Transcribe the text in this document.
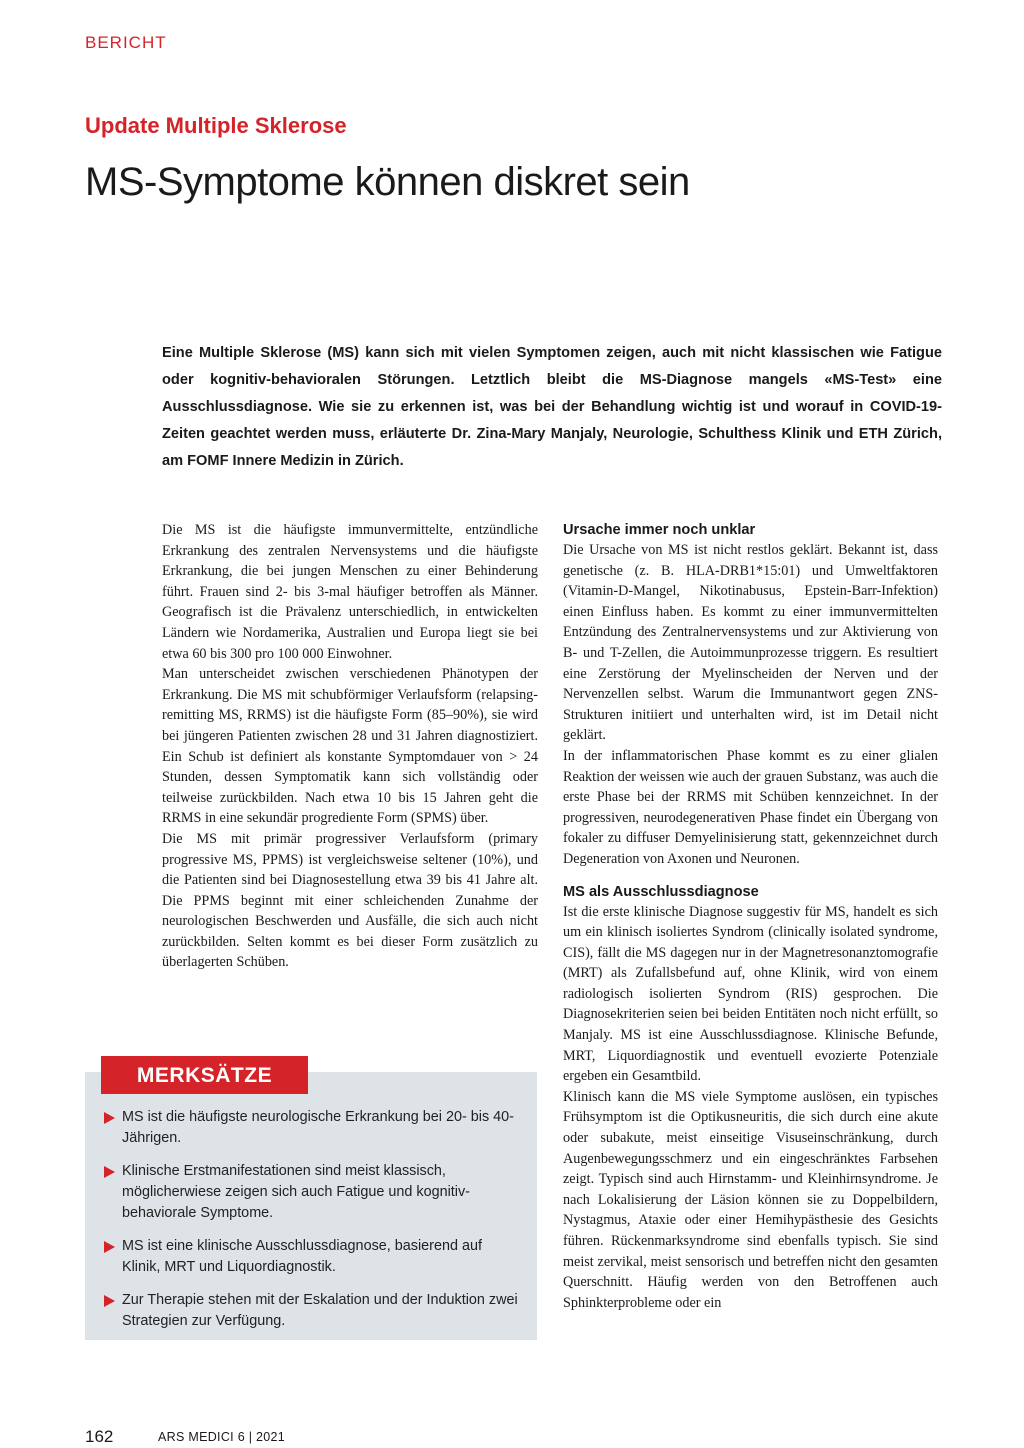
BERICHT
Update Multiple Sklerose
MS-Symptome können diskret sein

Eine Multiple Sklerose (MS) kann sich mit vielen Symptomen zeigen, auch mit nicht klassischen wie Fatigue oder kognitiv-behavioralen Störungen. Letztlich bleibt die MS-Diagnose mangels «MS-Test» eine Ausschlussdiagnose. Wie sie zu erkennen ist, was bei der Behandlung wichtig ist und worauf in COVID-19-Zeiten geachtet werden muss, erläuterte Dr. Zina-Mary Manjaly, Neurologie, Schulthess Klinik und ETH Zürich, am FOMF Innere Medizin in Zürich.

Die MS ist die häufigste immunvermittelte, entzündliche Erkrankung des zentralen Nervensystems und die häufigste Erkrankung, die bei jungen Menschen zu einer Behinderung führt. Frauen sind 2- bis 3-mal häufiger betroffen als Männer. Geografisch ist die Prävalenz unterschiedlich, in entwickelten Ländern wie Nordamerika, Australien und Europa liegt sie bei etwa 60 bis 300 pro 100 000 Einwohner.

Man unterscheidet zwischen verschiedenen Phänotypen der Erkrankung. Die MS mit schubförmiger Verlaufsform (relapsing-remitting MS, RRMS) ist die häufigste Form (85–90%), sie wird bei jüngeren Patienten zwischen 28 und 31 Jahren diagnostiziert. Ein Schub ist definiert als konstante Symptomdauer von > 24 Stunden, dessen Symptomatik kann sich vollständig oder teilweise zurückbilden. Nach etwa 10 bis 15 Jahren geht die RRMS in eine sekundär progrediente Form (SPMS) über.

Die MS mit primär progressiver Verlaufsform (primary progressive MS, PPMS) ist vergleichsweise seltener (10%), und die Patienten sind bei Diagnosestellung etwa 39 bis 41 Jahre alt. Die PPMS beginnt mit einer schleichenden Zunahme der neurologischen Beschwerden und Ausfälle, die sich auch nicht zurückbilden. Selten kommt es bei dieser Form zusätzlich zu überlagerten Schüben.

Ursache immer noch unklar

Die Ursache von MS ist nicht restlos geklärt. Bekannt ist, dass genetische (z. B. HLA-DRB1*15:01) und Umweltfaktoren (Vitamin-D-Mangel, Nikotinabusus, Epstein-Barr-Infektion) einen Einfluss haben. Es kommt zu einer immunvermittelten Entzündung des Zentralnervensystems und zur Aktivierung von B- und T-Zellen, die Autoimmunprozesse triggern. Es resultiert eine Zerstörung der Myelinscheiden der Nerven und der Nervenzellen selbst. Warum die Immunantwort gegen ZNS-Strukturen initiiert und unterhalten wird, ist im Detail nicht geklärt.

In der inflammatorischen Phase kommt es zu einer glialen Reaktion der weissen wie auch der grauen Substanz, was auch die erste Phase bei der RRMS mit Schüben kennzeichnet. In der progressiven, neurodegenerativen Phase findet ein Übergang von fokaler zu diffuser Demyelinisierung statt, gekennzeichnet durch Degeneration von Axonen und Neuronen.

MS als Ausschlussdiagnose

Ist die erste klinische Diagnose suggestiv für MS, handelt es sich um ein klinisch isoliertes Syndrom (clinically isolated syndrome, CIS), fällt die MS dagegen nur in der Magnetresonanztomografie (MRT) als Zufallsbefund auf, ohne Klinik, wird von einem radiologisch isolierten Syndrom (RIS) gesprochen. Die Diagnosekriterien seien bei beiden Entitäten noch nicht erfüllt, so Manjaly. MS ist eine Ausschlussdiagnose. Klinische Befunde, MRT, Liquordiagnostik und eventuell evozierte Potenziale ergeben ein Gesamtbild.

Klinisch kann die MS viele Symptome auslösen, ein typisches Frühsymptom ist die Optikusneuritis, die sich durch eine akute oder subakute, meist einseitige Visuseinschränkung, durch Augenbewegungsschmerz und ein eingeschränktes Farbsehen zeigt. Typisch sind auch Hirnstamm- und Kleinhirnsyndrome. Je nach Lokalisierung der Läsion können sie zu Doppelbildern, Nystagmus, Ataxie oder einer Hemihypästhesie des Gesichts führen. Rückenmarksyndrome sind ebenfalls typisch. Sie sind meist zervikal, meist sensorisch und betreffen nicht den gesamten Querschnitt. Häufig werden von den Betroffenen auch Sphinkterprobleme oder ein

MERKSÄTZE
MS ist die häufigste neurologische Erkrankung bei 20- bis 40-Jährigen.
Klinische Erstmanifestationen sind meist klassisch, möglicherwiese zeigen sich auch Fatigue und kognitiv-behaviorale Symptome.
MS ist eine klinische Ausschlussdiagnose, basierend auf Klinik, MRT und Liquordiagnostik.
Zur Therapie stehen mit der Eskalation und der Induktion zwei Strategien zur Verfügung.
162	ARS MEDICI 6 | 2021
